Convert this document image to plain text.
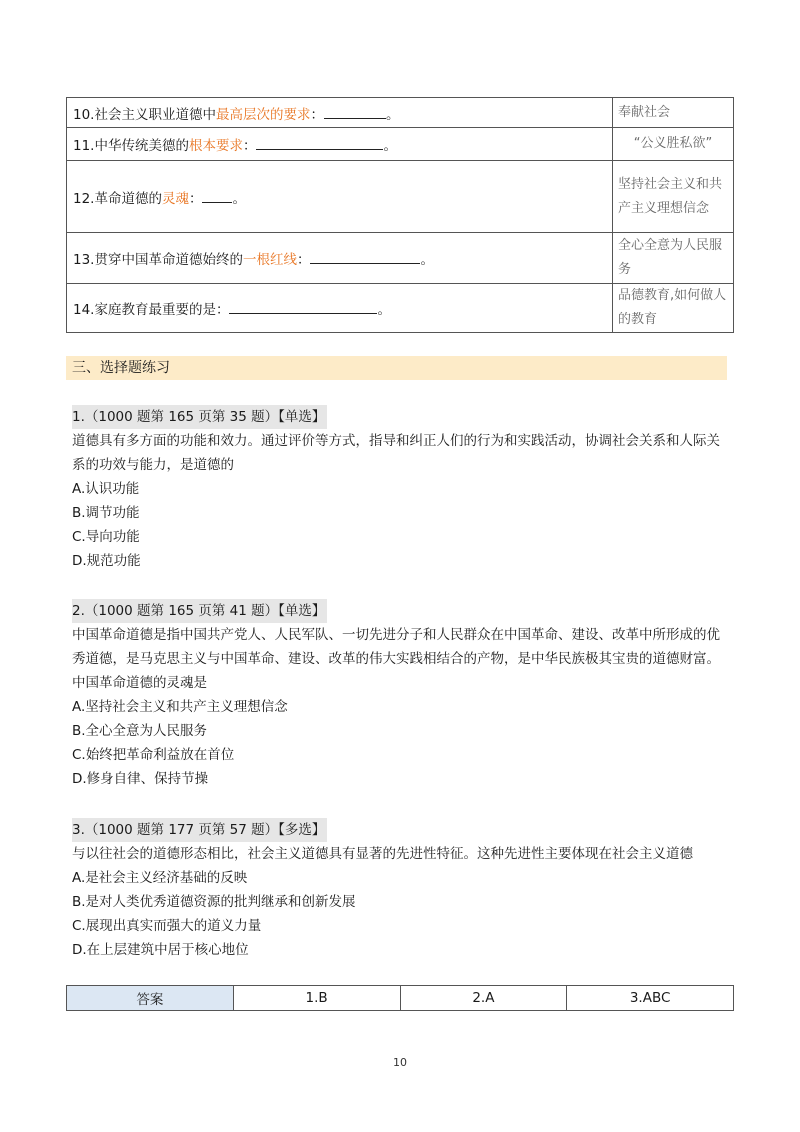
10.社会主义职业道德中最高层次的要求： 。	奉献社会
11.中华传统美德的根本要求： 。	“公义胜私欲”
12.革命道德的灵魂： 。	坚持社会主义和共产主义理想信念
13.贯穿中国革命道德始终的一根红线： 。	全心全意为人民服务
14.家庭教育最重要的是： 。	品德教育,如何做人的教育
三、选择题练习

1.（1000 题第 165 页第 35 题）【单选】

道德具有多方面的功能和效力。通过评价等方式，指导和纠正人们的行为和实践活动，协调社会关系和人际关系的功效与能力，是道德的

A.认识功能

B.调节功能

C.导向功能

D.规范功能

2.（1000 题第 165 页第 41 题）【单选】

中国革命道德是指中国共产党人、人民军队、一切先进分子和人民群众在中国革命、建设、改革中所形成的优秀道德，是马克思主义与中国革命、建设、改革的伟大实践相结合的产物，是中华民族极其宝贵的道德财富。中国革命道德的灵魂是

A.坚持社会主义和共产主义理想信念

B.全心全意为人民服务

C.始终把革命利益放在首位

D.修身自律、保持节操

3.（1000 题第 177 页第 57 题）【多选】

与以往社会的道德形态相比，社会主义道德具有显著的先进性特征。这种先进性主要体现在社会主义道德

A.是社会主义经济基础的反映

B.是对人类优秀道德资源的批判继承和创新发展

C.展现出真实而强大的道义力量

D.在上层建筑中居于核心地位

答案	1.B	2.A	3.ABC
10
